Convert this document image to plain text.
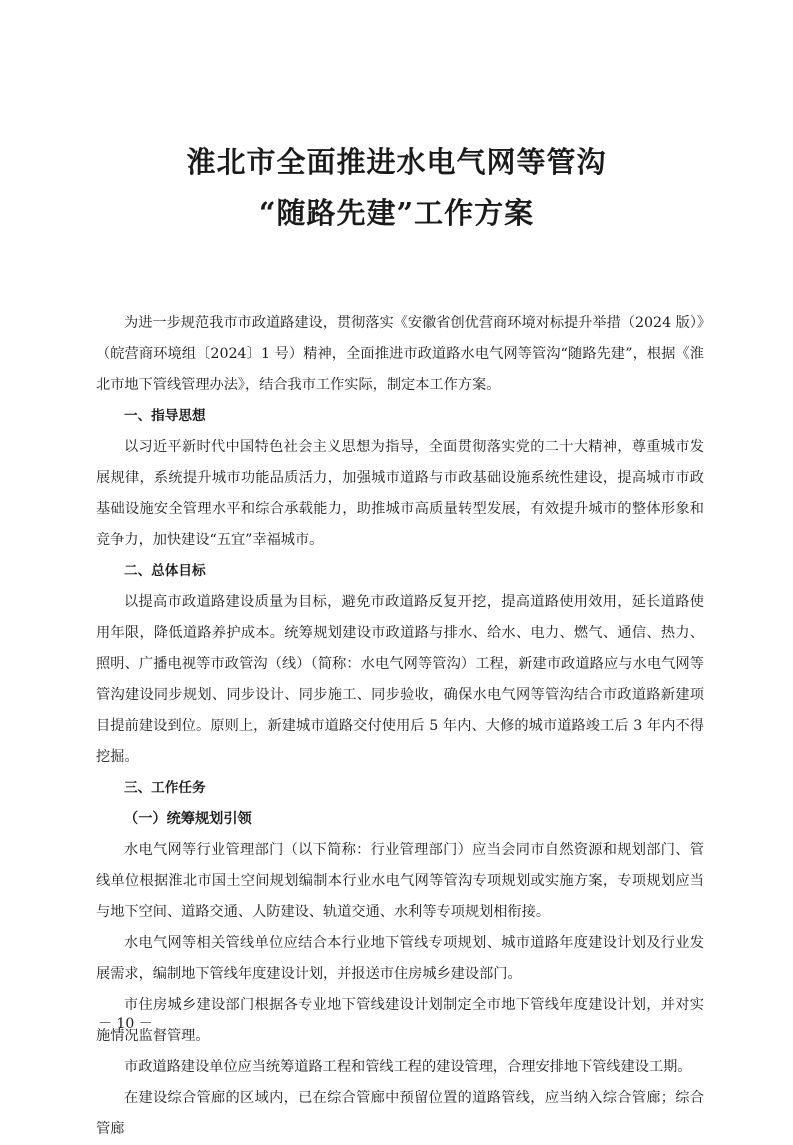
淮北市全面推进水电气网等管沟
“随路先建”工作方案

为进一步规范我市市政道路建设，贯彻落实《安徽省创优营商环境对标提升举措（2024 版）》（皖营商环境组〔2024〕1 号）精神，全面推进市政道路水电气网等管沟“随路先建”，根据《淮北市地下管线管理办法》，结合我市工作实际，制定本工作方案。

一、指导思想

以习近平新时代中国特色社会主义思想为指导，全面贯彻落实党的二十大精神，尊重城市发展规律，系统提升城市功能品质活力，加强城市道路与市政基础设施系统性建设，提高城市市政基础设施安全管理水平和综合承载能力，助推城市高质量转型发展，有效提升城市的整体形象和竞争力，加快建设“五宜”幸福城市。

二、总体目标

以提高市政道路建设质量为目标，避免市政道路反复开挖，提高道路使用效用，延长道路使用年限，降低道路养护成本。统筹规划建设市政道路与排水、给水、电力、燃气、通信、热力、照明、广播电视等市政管沟（线）（简称：水电气网等管沟）工程，新建市政道路应与水电气网等管沟建设同步规划、同步设计、同步施工、同步验收，确保水电气网等管沟结合市政道路新建项目提前建设到位。原则上，新建城市道路交付使用后 5 年内、大修的城市道路竣工后 3 年内不得挖掘。

三、工作任务

（一）统筹规划引领

水电气网等行业管理部门（以下简称：行业管理部门）应当会同市自然资源和规划部门、管线单位根据淮北市国土空间规划编制本行业水电气网等管沟专项规划或实施方案，专项规划应当与地下空间、道路交通、人防建设、轨道交通、水利等专项规划相衔接。

水电气网等相关管线单位应结合本行业地下管线专项规划、城市道路年度建设计划及行业发展需求，编制地下管线年度建设计划，并报送市住房城乡建设部门。

市住房城乡建设部门根据各专业地下管线建设计划制定全市地下管线年度建设计划，并对实施情况监督管理。

市政道路建设单位应当统筹道路工程和管线工程的建设管理，合理安排地下管线建设工期。

在建设综合管廊的区域内，已在综合管廊中预留位置的道路管线，应当纳入综合管廊；综合管廊

－ 10 －
